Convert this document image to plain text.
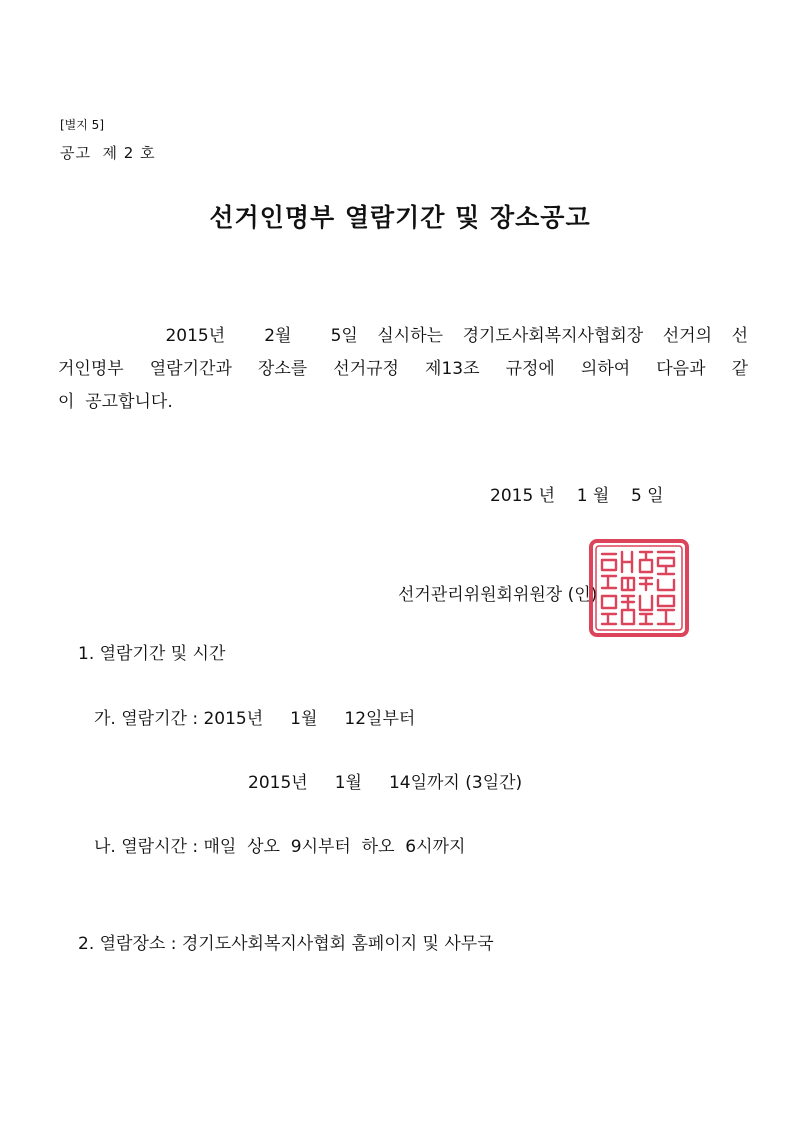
[별지 5]
공고  제 2 호
선거인명부 열람기간 및 장소공고
2015년    2월    5일  실시하는  경기도사회복지사협회장  선거의  선
거인명부  열람기간과  장소를  선거규정  제13조  규정에  의하여  다음과  같
이  공고합니다.
2015 년    1 월    5 일
선거관리위원회위원장 (인)
1. 열람기간 및 시간
가. 열람기간 : 2015년     1월     12일부터
2015년     1월     14일까지 (3일간)
나. 열람시간 : 매일  상오  9시부터  하오  6시까지
2. 열람장소 : 경기도사회복지사협회 홈페이지 및 사무국
